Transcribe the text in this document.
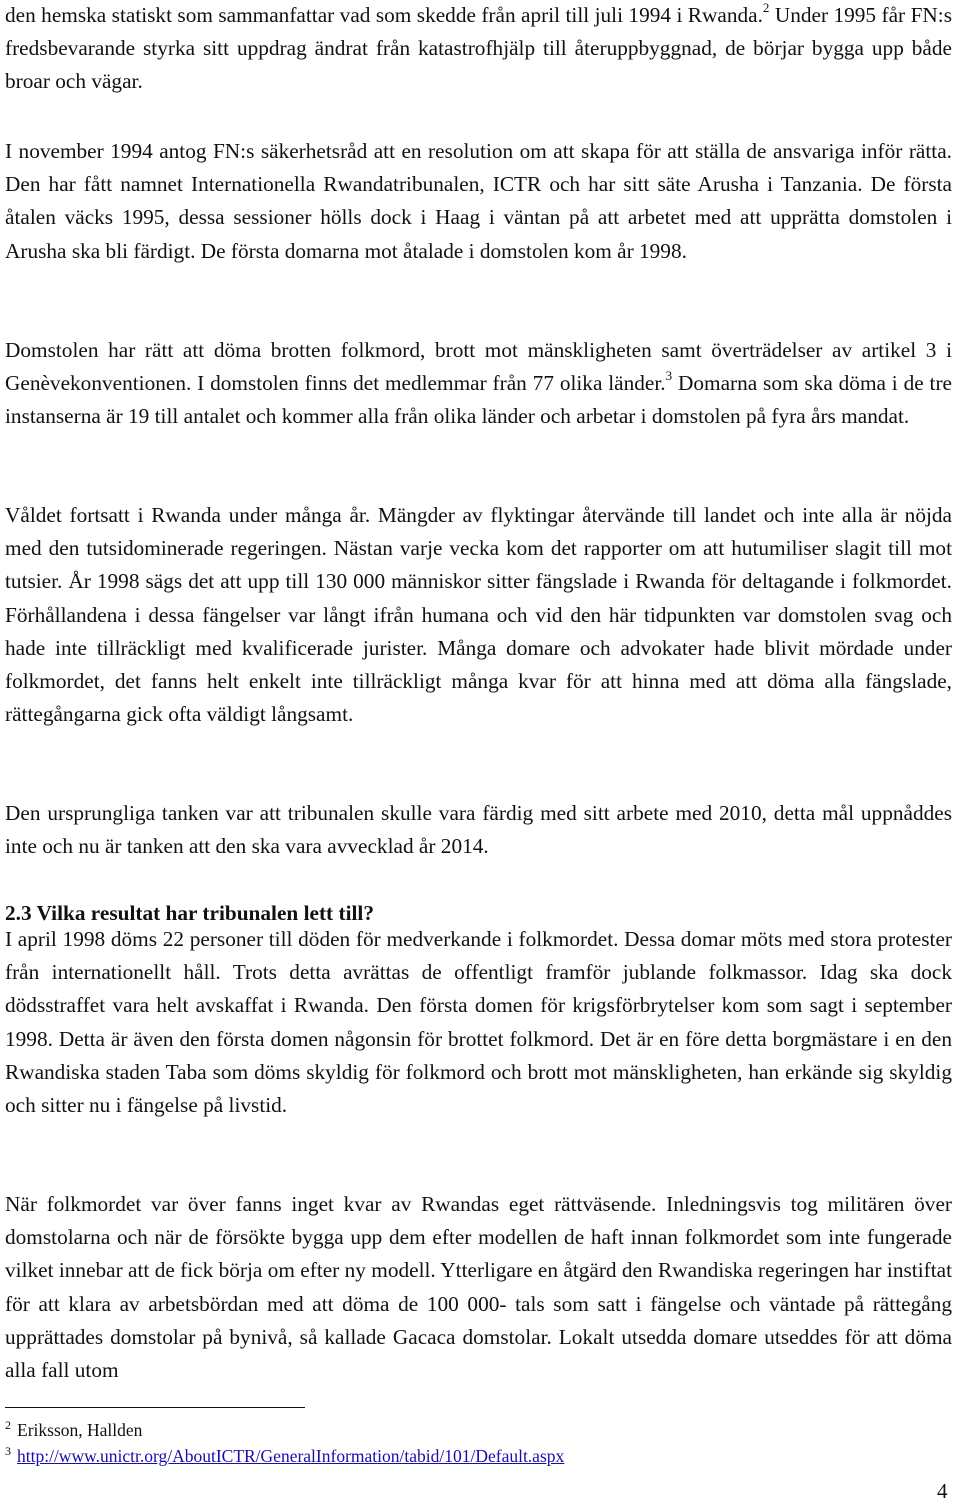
den hemska statiskt som sammanfattar vad som skedde från april till juli 1994 i Rwanda.$^2$ Under 1995 får FN:s fredsbevarande styrka sitt uppdrag ändrat från katastrofhjälp till återuppbyggnad, de börjar bygga upp både broar och vägar.

I november 1994 antog FN:s säkerhetsråd att en resolution om att skapa för att ställa de ansvariga inför rätta. Den har fått namnet Internationella Rwandatribunalen, ICTR och har sitt säte Arusha i Tanzania. De första åtalen väcks 1995, dessa sessioner hölls dock i Haag i väntan på att arbetet med att upprätta domstolen i Arusha ska bli färdigt. De första domarna mot åtalade i domstolen kom år 1998.

Domstolen har rätt att döma brotten folkmord, brott mot mänskligheten samt överträdelser av artikel 3 i Genèvekonventionen. I domstolen finns det medlemmar från 77 olika länder.$^3$ Domarna som ska döma i de tre instanserna är 19 till antalet och kommer alla från olika länder och arbetar i domstolen på fyra års mandat.

Våldet fortsatt i Rwanda under många år. Mängder av flyktingar återvände till landet och inte alla är nöjda med den tutsidominerade regeringen. Nästan varje vecka kom det rapporter om att hutumiliser slagit till mot tutsier. År 1998 sägs det att upp till 130 000 människor sitter fängslade i Rwanda för deltagande i folkmordet. Förhållandena i dessa fängelser var långt ifrån humana och vid den här tidpunkten var domstolen svag och hade inte tillräckligt med kvalificerade jurister. Många domare och advokater hade blivit mördade under folkmordet, det fanns helt enkelt inte tillräckligt många kvar för att hinna med att döma alla fängslade, rättegångarna gick ofta väldigt långsamt.

Den ursprungliga tanken var att tribunalen skulle vara färdig med sitt arbete med 2010, detta mål uppnåddes inte och nu är tanken att den ska vara avvecklad år 2014.

2.3 Vilka resultat har tribunalen lett till?

I april 1998 döms 22 personer till döden för medverkande i folkmordet. Dessa domar möts med stora protester från internationellt håll. Trots detta avrättas de offentligt framför jublande folkmassor. Idag ska dock dödsstraffet vara helt avskaffat i Rwanda. Den första domen för krigsförbrytelser kom som sagt i september 1998. Detta är även den första domen någonsin för brottet folkmord. Det är en före detta borgmästare i en den Rwandiska staden Taba som döms skyldig för folkmord och brott mot mänskligheten, han erkände sig skyldig och sitter nu i fängelse på livstid.

När folkmordet var över fanns inget kvar av Rwandas eget rättväsende. Inledningsvis tog militären över domstolarna och när de försökte bygga upp dem efter modellen de haft innan folkmordet som inte fungerade vilket innebar att de fick börja om efter ny modell. Ytterligare en åtgärd den Rwandiska regeringen har instiftat för att klara av arbetsbördan med att döma de 100 000- tals som satt i fängelse och väntade på rättegång upprättades domstolar på bynivå, så kallade Gacaca domstolar. Lokalt utsedda domare utseddes för att döma alla fall utom

$^2$ Eriksson, Hallden
$^3$ http://www.unictr.org/AboutICTR/GeneralInformation/tabid/101/Default.aspx
4
